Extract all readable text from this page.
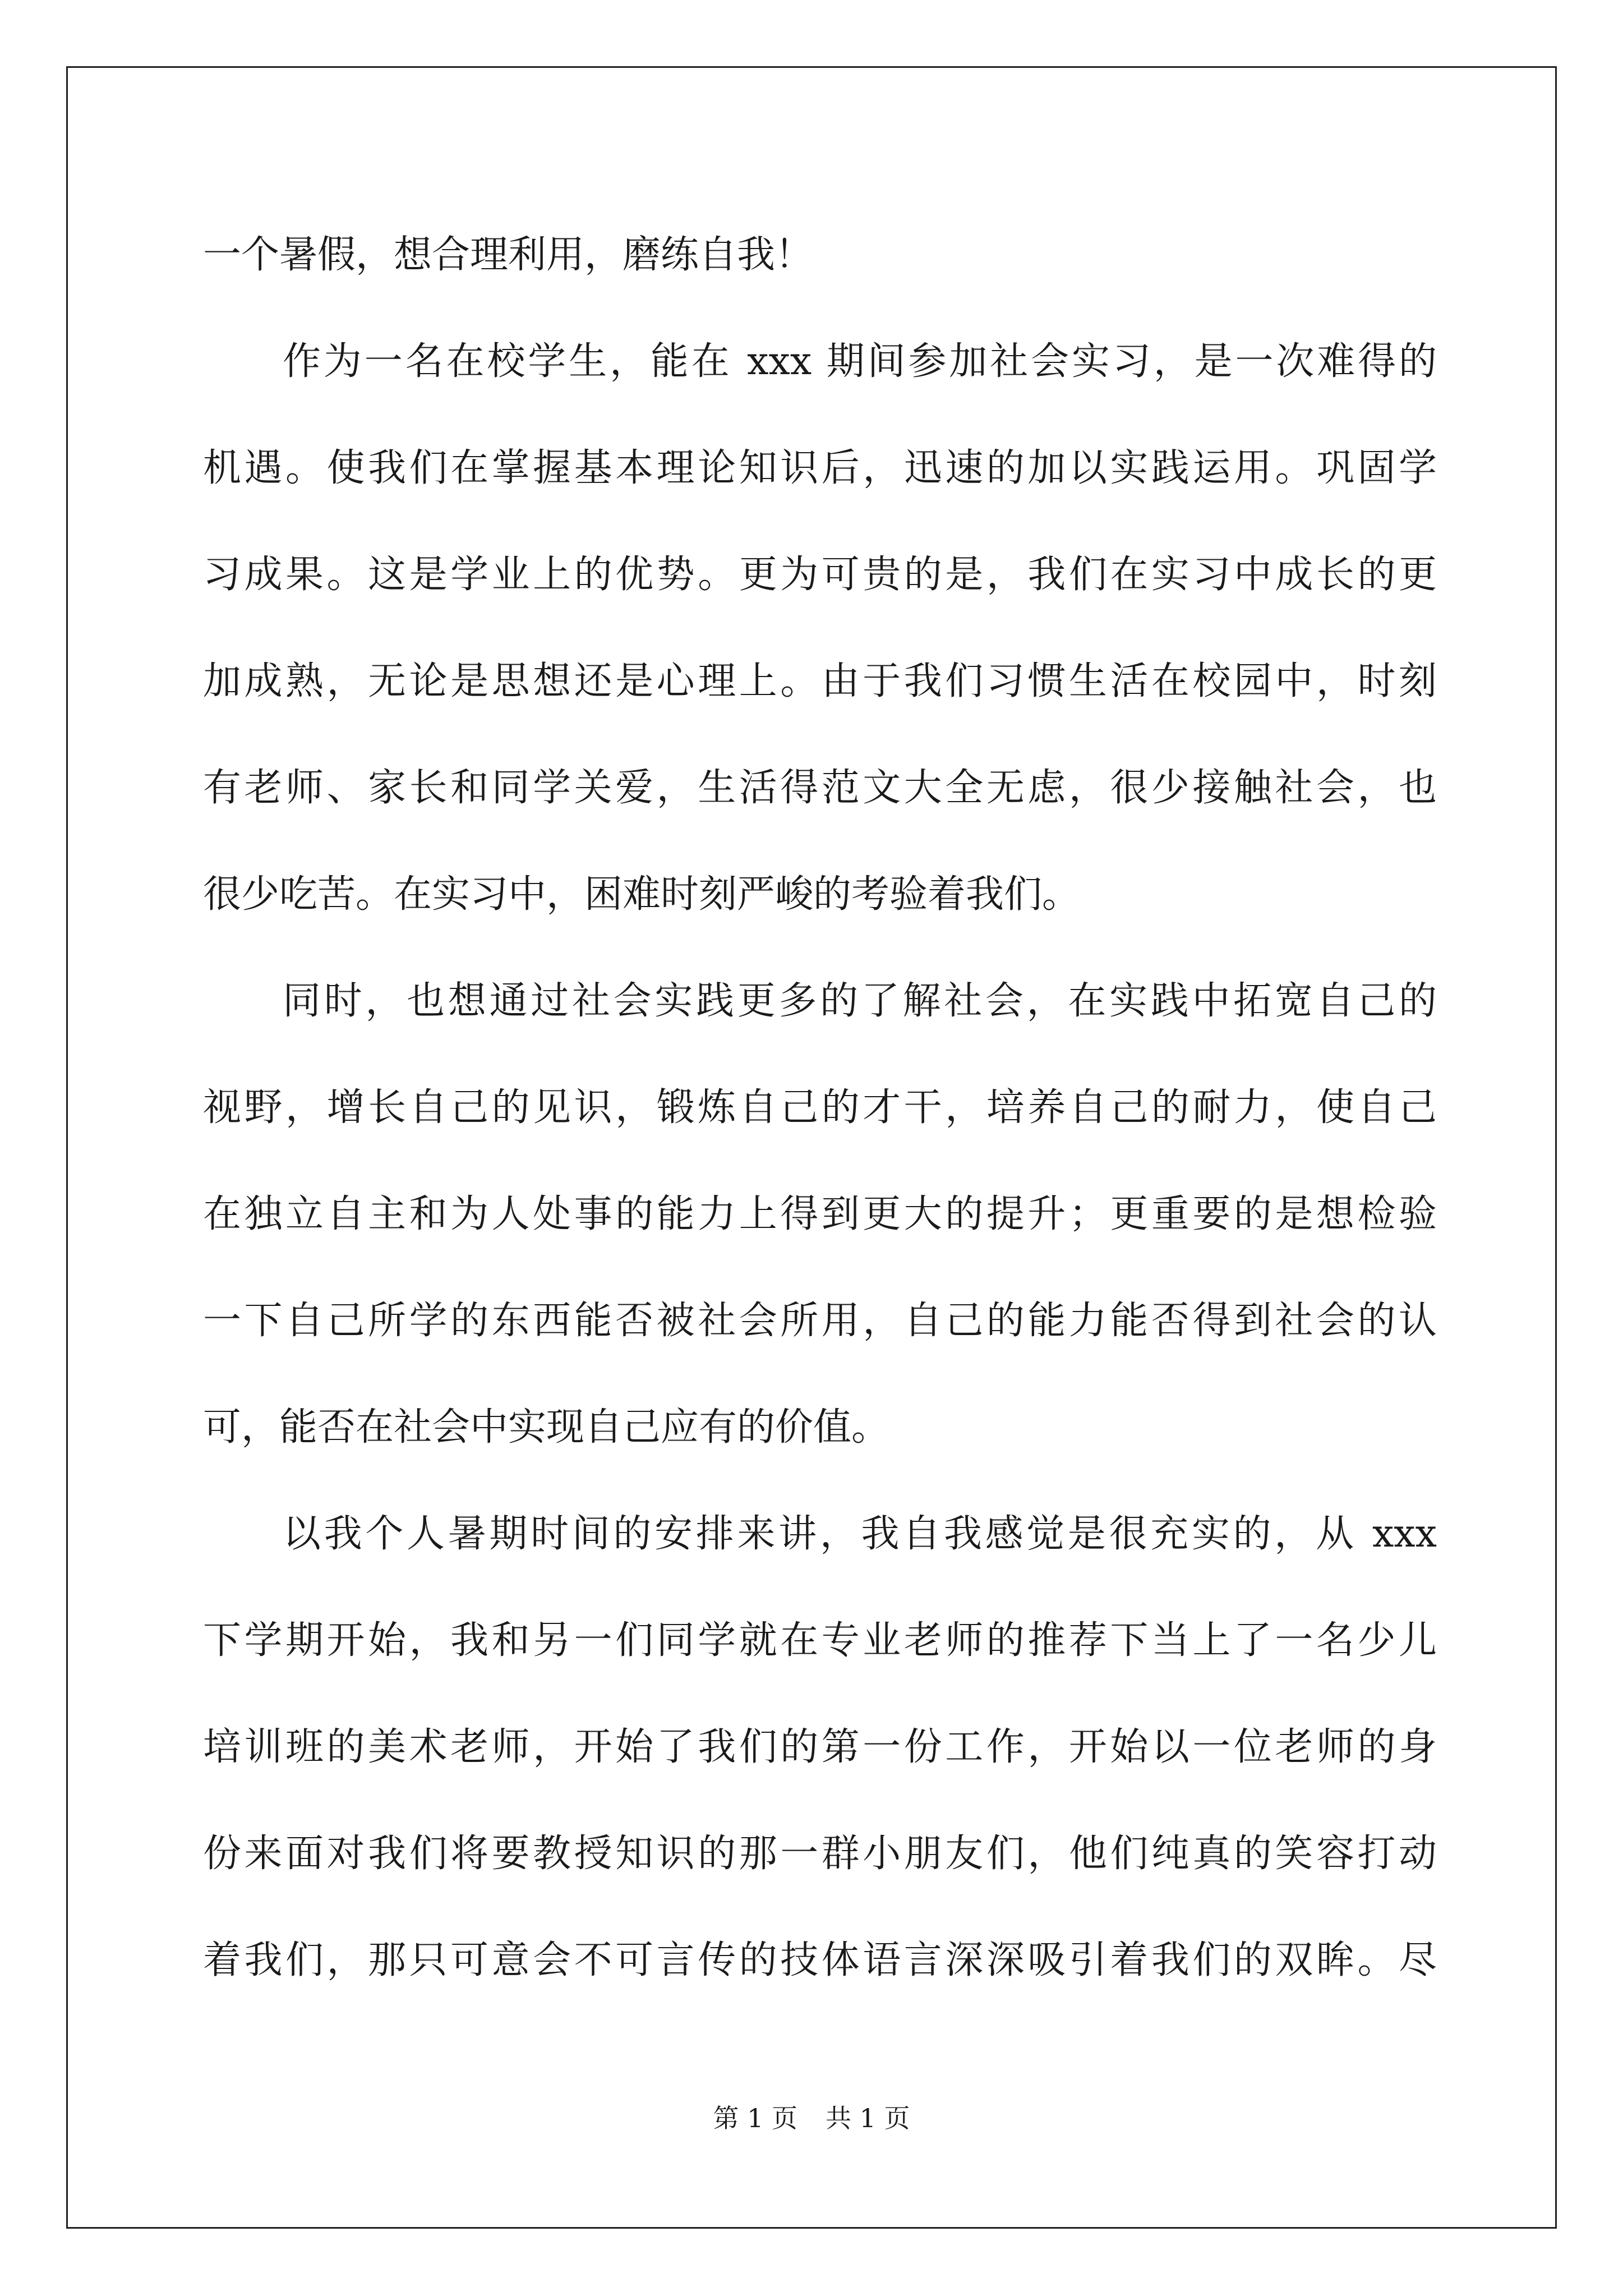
一个暑假，想合理利用，磨练自我！
作为一名在校学生，能在 xxx 期间参加社会实习，是一次难得的
机遇。使我们在掌握基本理论知识后，迅速的加以实践运用。巩固学
习成果。这是学业上的优势。更为可贵的是，我们在实习中成长的更
加成熟，无论是思想还是心理上。由于我们习惯生活在校园中，时刻
有老师、家长和同学关爱，生活得范文大全无虑，很少接触社会，也
很少吃苦。在实习中，困难时刻严峻的考验着我们。
同时，也想通过社会实践更多的了解社会，在实践中拓宽自己的
视野，增长自己的见识，锻炼自己的才干，培养自己的耐力，使自己
在独立自主和为人处事的能力上得到更大的提升；更重要的是想检验
一下自己所学的东西能否被社会所用，自己的能力能否得到社会的认
可，能否在社会中实现自己应有的价值。
以我个人暑期时间的安排来讲，我自我感觉是很充实的，从 xxx
下学期开始，我和另一们同学就在专业老师的推荐下当上了一名少儿
培训班的美术老师，开始了我们的第一份工作，开始以一位老师的身
份来面对我们将要教授知识的那一群小朋友们，他们纯真的笑容打动
着我们，那只可意会不可言传的技体语言深深吸引着我们的双眸。尽
第 1 页 共 1 页
